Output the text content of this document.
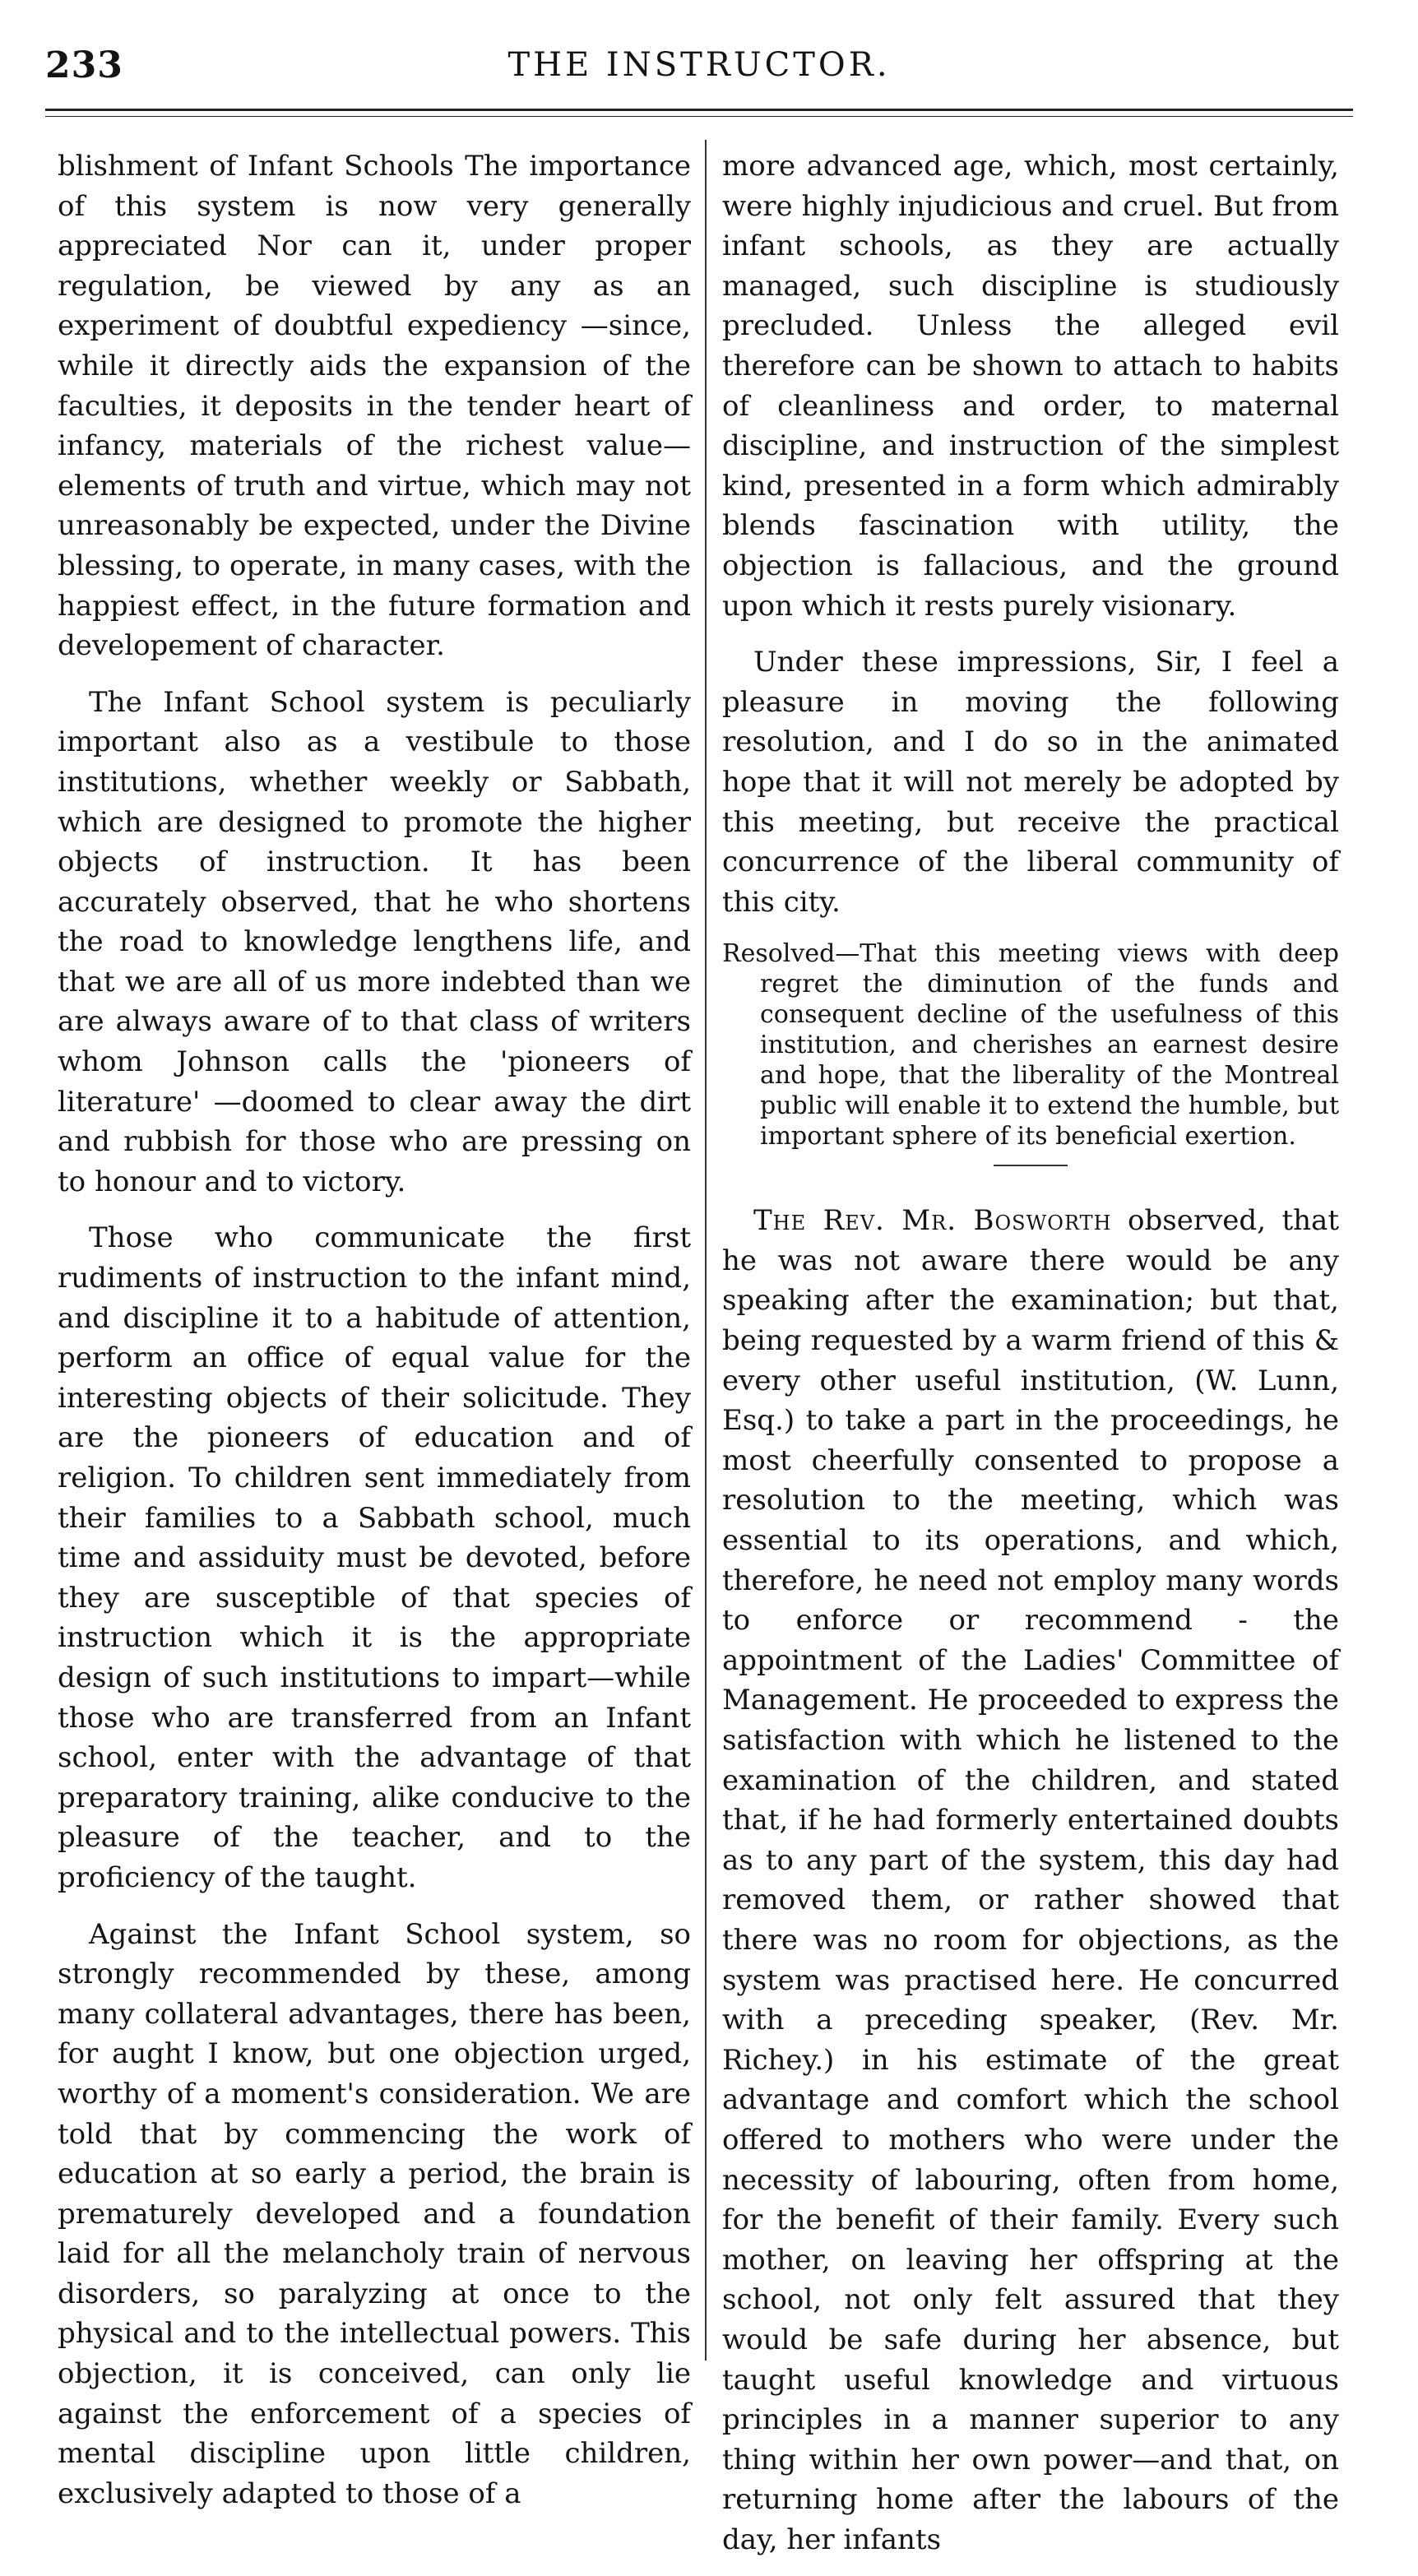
233	THE INSTRUCTOR.

blishment of Infant Schools The importance of this system is now very generally appreciated Nor can it, under proper regulation, be viewed by any as an experiment of doubtful expediency —since, while it directly aids the expansion of the faculties, it deposits in the tender heart of infancy, materials of the richest value—elements of truth and virtue, which may not unreasonably be expected, under the Divine blessing, to operate, in many cases, with the happiest effect, in the future formation and developement of character.

The Infant School system is peculiarly important also as a vestibule to those institutions, whether weekly or Sabbath, which are designed to promote the higher objects of instruction. It has been accurately observed, that he who shortens the road to knowledge lengthens life, and that we are all of us more indebted than we are always aware of to that class of writers whom Johnson calls the 'pioneers of literature' —doomed to clear away the dirt and rubbish for those who are pressing on to honour and to victory.

Those who communicate the first rudiments of instruction to the infant mind, and discipline it to a habitude of attention, perform an office of equal value for the interesting objects of their solicitude. They are the pioneers of education and of religion. To children sent immediately from their families to a Sabbath school, much time and assiduity must be devoted, before they are susceptible of that species of instruction which it is the appropriate design of such institutions to impart—while those who are transferred from an Infant school, enter with the advantage of that preparatory training, alike conducive to the pleasure of the teacher, and to the proficiency of the taught.

Against the Infant School system, so strongly recommended by these, among many collateral advantages, there has been, for aught I know, but one objection urged, worthy of a moment's consideration. We are told that by commencing the work of education at so early a period, the brain is prematurely developed and a foundation laid for all the melancholy train of nervous disorders, so paralyzing at once to the physical and to the intellectual powers. This objection, it is conceived, can only lie against the enforcement of a species of mental discipline upon little children, exclusively adapted to those of a

more advanced age, which, most certainly, were highly injudicious and cruel. But from infant schools, as they are actually managed, such discipline is studiously precluded. Unless the alleged evil therefore can be shown to attach to habits of cleanliness and order, to maternal discipline, and instruction of the simplest kind, presented in a form which admirably blends fascination with utility, the objection is fallacious, and the ground upon which it rests purely visionary.

Under these impressions, Sir, I feel a pleasure in moving the following resolution, and I do so in the animated hope that it will not merely be adopted by this meeting, but receive the practical concurrence of the liberal community of this city.

Resolved—That this meeting views with deep regret the diminution of the funds and consequent decline of the usefulness of this institution, and cherishes an earnest desire and hope, that the liberality of the Montreal public will enable it to extend the humble, but important sphere of its beneficial exertion.

The Rev. Mr. Bosworth observed, that he was not aware there would be any speaking after the examination; but that, being requested by a warm friend of this & every other useful institution, (W. Lunn, Esq.) to take a part in the proceedings, he most cheerfully consented to propose a resolution to the meeting, which was essential to its operations, and which, therefore, he need not employ many words to enforce or recommend - the appointment of the Ladies' Committee of Management. He proceeded to express the satisfaction with which he listened to the examination of the children, and stated that, if he had formerly entertained doubts as to any part of the system, this day had removed them, or rather showed that there was no room for objections, as the system was practised here. He concurred with a preceding speaker, (Rev. Mr. Richey.) in his estimate of the great advantage and comfort which the school offered to mothers who were under the necessity of labouring, often from home, for the benefit of their family. Every such mother, on leaving her offspring at the school, not only felt assured that they would be safe during her absence, but taught useful knowledge and virtuous principles in a manner superior to any thing within her own power—and that, on returning home after the labours of the day, her infants
